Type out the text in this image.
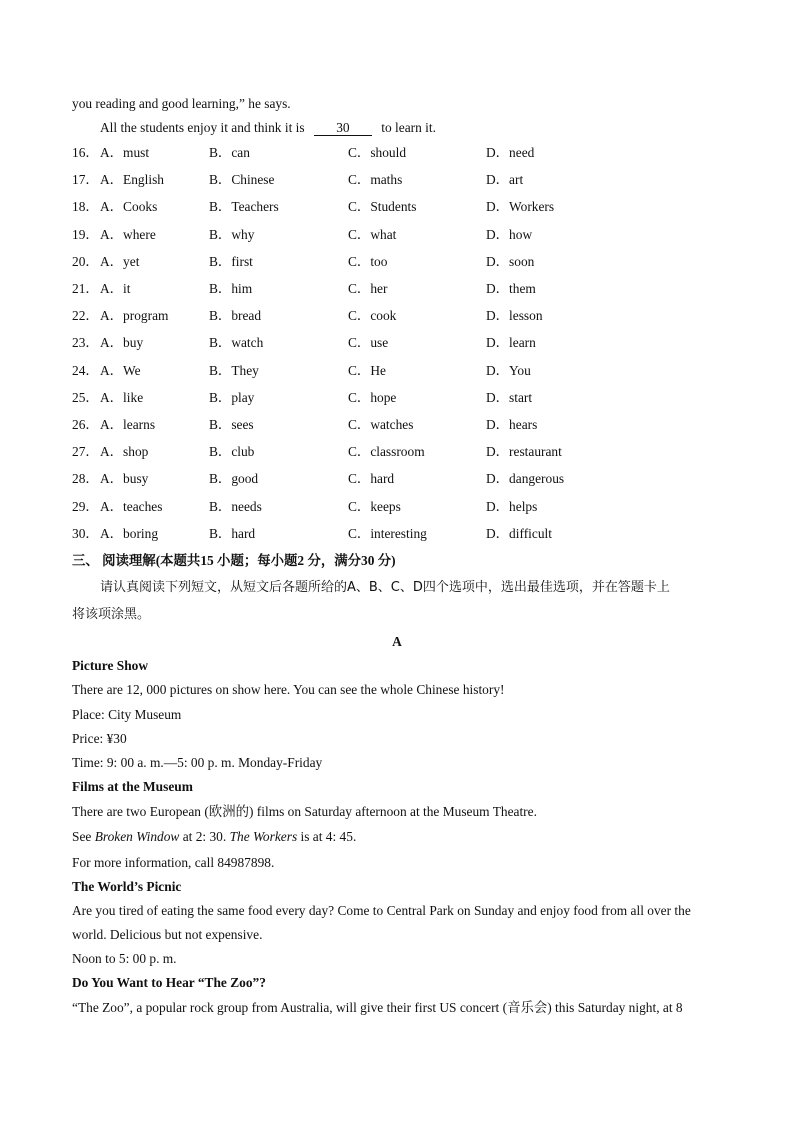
you reading and good learning,” he says.
All the students enjoy it and think it is 30 to learn it.
16． A．must	B．can	C．should	D．need
17． A．English	B．Chinese	C．maths	D．art
18． A．Cooks	B．Teachers	C．Students	D．Workers
19． A．where	B．why	C．what	D．how
20． A．yet	B．first	C．too	D．soon
21． A．it	B．him	C．her	D．them
22． A．program	B．bread	C．cook	D．lesson
23． A．buy	B．watch	C．use	D．learn
24． A．We	B．They	C．He	D．You
25． A．like	B．play	C．hope	D．start
26． A．learns	B．sees	C．watches	D．hears
27． A．shop	B．club	C．classroom	D．restaurant
28． A．busy	B．good	C．hard	D．dangerous
29． A．teaches	B．needs	C．keeps	D．helps
30． A．boring	B．hard	C．interesting	D．difficult
三、 阅读理解(本题共15 小题；每小题2 分，满分30 分)
请认真阅读下列短文，从短文后各题所给的A、B、C、D四个选项中，选出最佳选项，并在答题卡上
将该项涂黑。
A
Picture Show
There are 12, 000 pictures on show here. You can see the whole Chinese history!
Place: City Museum
Price: ¥30
Time: 9: 00 a. m.—5: 00 p. m. Monday-Friday
Films at the Museum
There are two European (欧洲的) films on Saturday afternoon at the Museum Theatre.
See Broken Window at 2: 30. The Workers is at 4: 45.
For more information, call 84987898.
The World’s Picnic
Are you tired of eating the same food every day? Come to Central Park on Sunday and enjoy food from all over the
world. Delicious but not expensive.
Noon to 5: 00 p. m.
Do You Want to Hear “The Zoo”?
“The Zoo”, a popular rock group from Australia, will give their first US concert (音乐会) this Saturday night, at 8
